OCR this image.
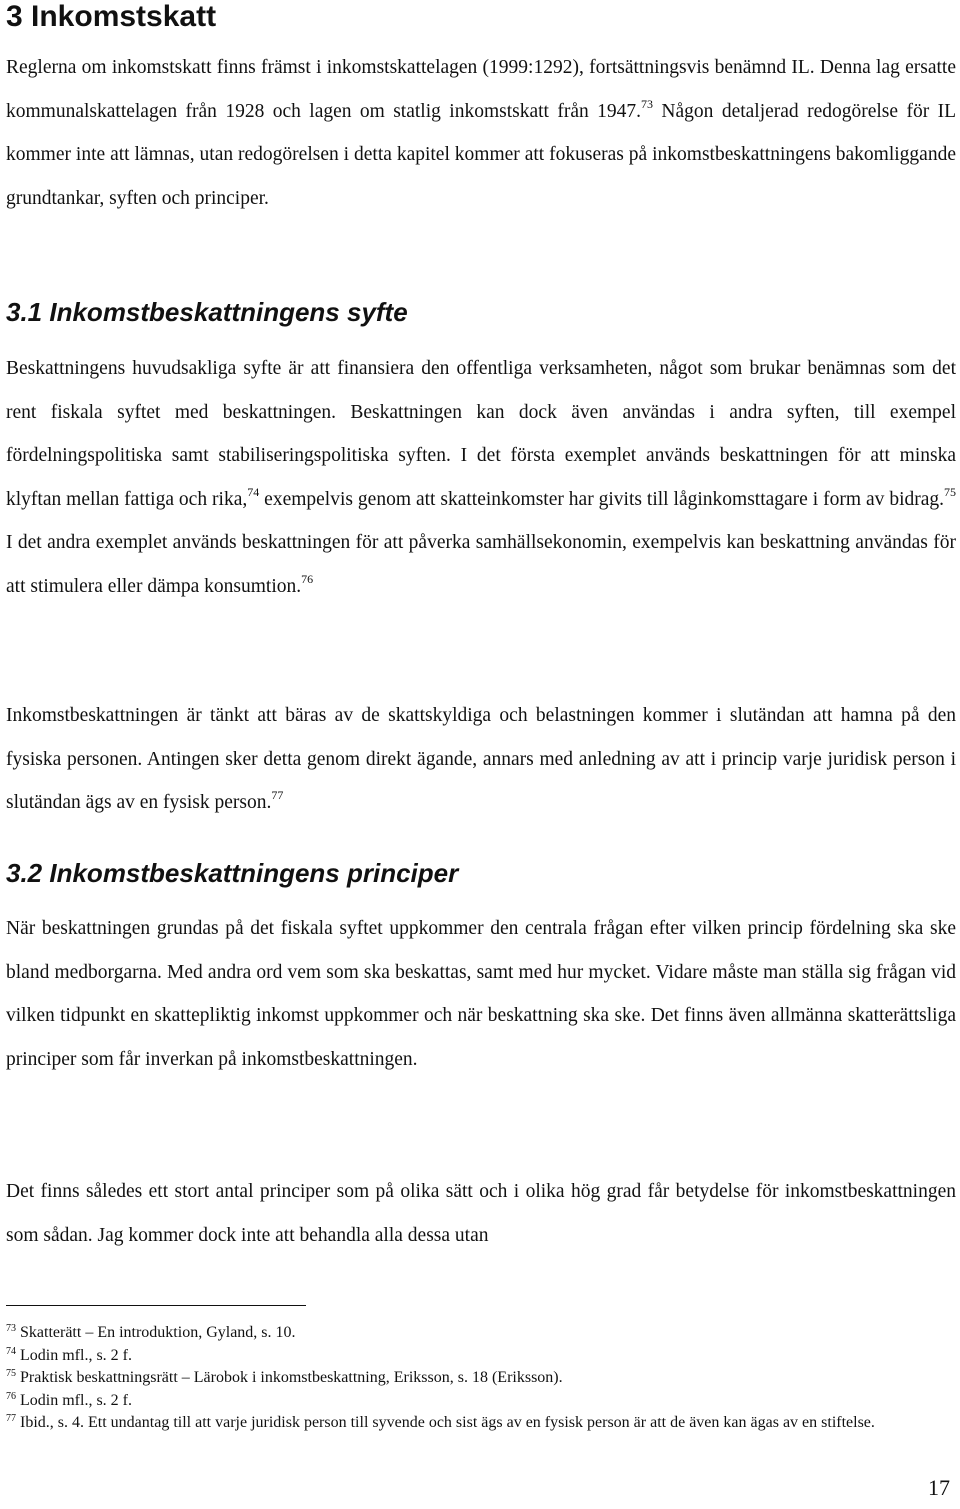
3 Inkomstskatt

Reglerna om inkomstskatt finns främst i inkomstskattelagen (1999:1292), fortsättningsvis benämnd IL. Denna lag ersatte kommunalskattelagen från 1928 och lagen om statlig inkomstskatt från 1947.73 Någon detaljerad redogörelse för IL kommer inte att lämnas, utan redogörelsen i detta kapitel kommer att fokuseras på inkomstbeskattningens bakomliggande grundtankar, syften och principer.

3.1 Inkomstbeskattningens syfte

Beskattningens huvudsakliga syfte är att finansiera den offentliga verksamheten, något som brukar benämnas som det rent fiskala syftet med beskattningen. Beskattningen kan dock även användas i andra syften, till exempel fördelningspolitiska samt stabiliseringspolitiska syften. I det första exemplet används beskattningen för att minska klyftan mellan fattiga och rika,$^{74}$ exempelvis genom att skatteinkomster har givits till låginkomsttagare i form av bidrag.$^{75}$ I det andra exemplet används beskattningen för att påverka samhällsekonomin, exempelvis kan beskattning användas för att stimulera eller dämpa konsumtion.$^{76}$

Inkomstbeskattningen är tänkt att bäras av de skattskyldiga och belastningen kommer i slutändan att hamna på den fysiska personen. Antingen sker detta genom direkt ägande, annars med anledning av att i princip varje juridisk person i slutändan ägs av en fysisk person.$^{77}$

3.2 Inkomstbeskattningens principer

När beskattningen grundas på det fiskala syftet uppkommer den centrala frågan efter vilken princip fördelning ska ske bland medborgarna. Med andra ord vem som ska beskattas, samt med hur mycket. Vidare måste man ställa sig frågan vid vilken tidpunkt en skattepliktig inkomst uppkommer och när beskattning ska ske. Det finns även allmänna skatterättsliga principer som får inverkan på inkomstbeskattningen.

Det finns således ett stort antal principer som på olika sätt och i olika hög grad får betydelse för inkomstbeskattningen som sådan. Jag kommer dock inte att behandla alla dessa utan

$^{73}$ Skatterätt – En introduktion, Gyland, s. 10.
$^{74}$ Lodin mfl., s. 2 f.
$^{75}$ Praktisk beskattningsrätt – Lärobok i inkomstbeskattning, Eriksson, s. 18 (Eriksson).
$^{76}$ Lodin mfl., s. 2 f.
$^{77}$ Ibid., s. 4. Ett undantag till att varje juridisk person till syvende och sist ägs av en fysisk person är att de även kan ägas av en stiftelse.
17
